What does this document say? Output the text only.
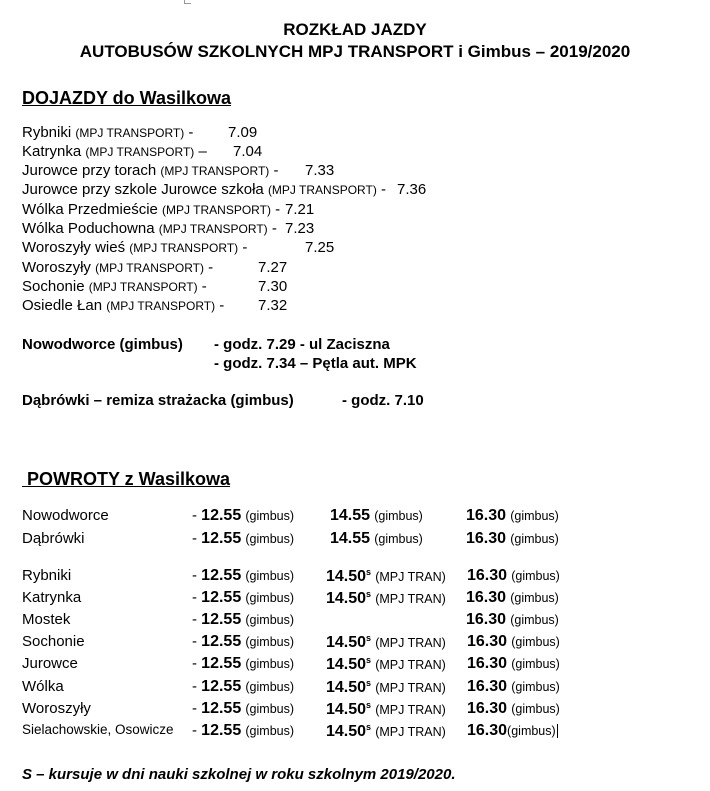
ROZKŁAD JAZDY
AUTOBUSÓW SZKOLNYCH MPJ TRANSPORT i Gimbus – 2019/2020
DOJAZDY do Wasilkowa
Rybniki (MPJ TRANSPORT) - 7.09
Katrynka (MPJ TRANSPORT) – 7.04
Jurowce przy torach (MPJ TRANSPORT) - 7.33
Jurowce przy szkole Jurowce szkoła (MPJ TRANSPORT) - 7.36
Wólka Przedmieście (MPJ TRANSPORT) - 7.21
Wólka Poduchowna (MPJ TRANSPORT) - 7.23
Woroszyły wieś (MPJ TRANSPORT) -	7.25
Woroszyły (MPJ TRANSPORT) -	7.27
Sochonie (MPJ TRANSPORT) -	7.30
Osiedle Łan (MPJ TRANSPORT) - 7.32
Nowodworce (gimbus) - godz. 7.29 - ul Zaciszna
- godz. 7.34 – Pętla aut. MPK
Dąbrówki – remiza strażacka (gimbus)	- godz. 7.10
POWROTY z Wasilkowa
Nowodworce	- 12.55 (gimbus) 14.55 (gimbus)	16.30 (gimbus)
Dąbrówki	- 12.55 (gimbus) 14.55 (gimbus)	16.30 (gimbus)
Rybniki	- 12.55 (gimbus) 14.50$^s$ (MPJ TRAN) 16.30 (gimbus)
Katrynka	- 12.55 (gimbus) 14.50$^s$ (MPJ TRAN) 16.30 (gimbus)
Mostek	- 12.55 (gimbus)	16.30 (gimbus)
Sochonie	- 12.55 (gimbus) 14.50$^s$ (MPJ TRAN) 16.30 (gimbus)
Jurowce	- 12.55 (gimbus) 14.50$^s$ (MPJ TRAN) 16.30 (gimbus)
Wólka	- 12.55 (gimbus) 14.50$^s$ (MPJ TRAN) 16.30 (gimbus)
Woroszyły	- 12.55 (gimbus) 14.50$^s$ (MPJ TRAN) 16.30 (gimbus)
Sielachowskie, Osowicze - 12.55 (gimbus) 14.50$^s$ (MPJ TRAN) 16.30(gimbus)
S – kursuje w dni nauki szkolnej w roku szkolnym 2019/2020.
